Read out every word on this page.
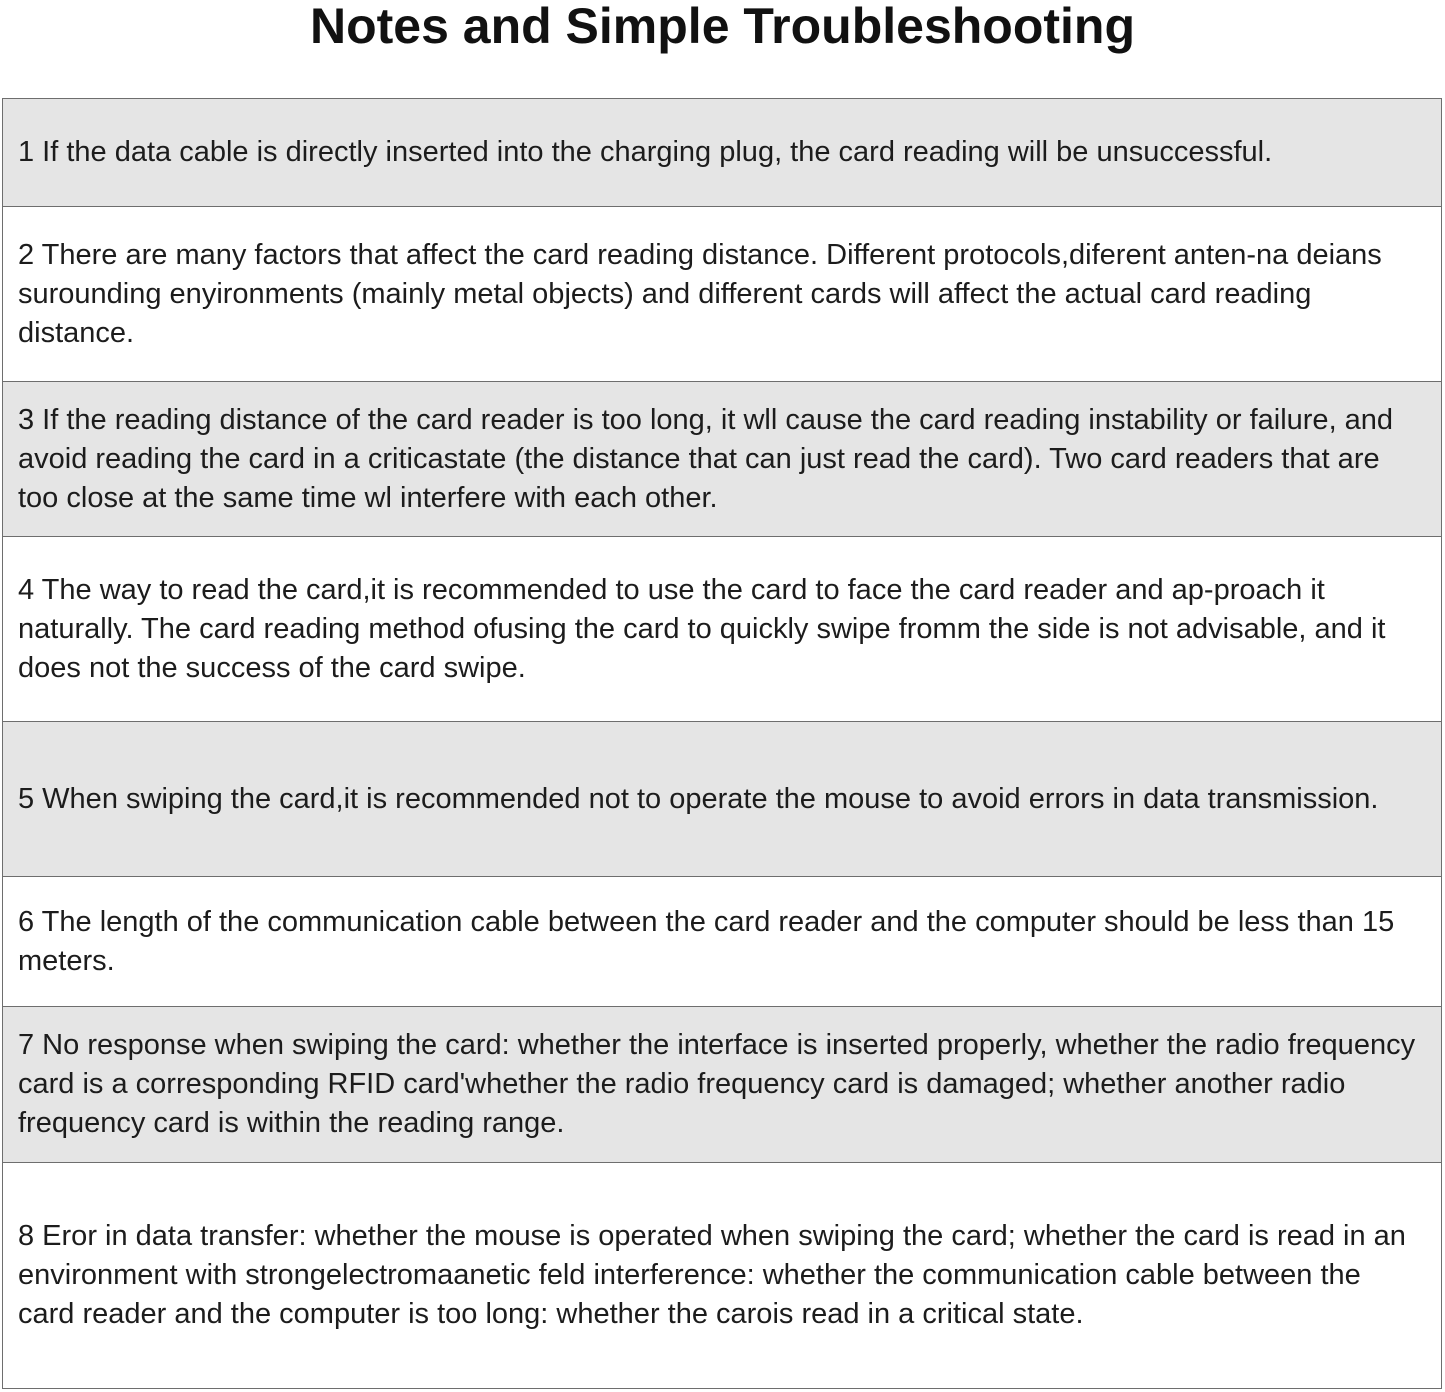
Notes and Simple Troubleshooting

1 If the data cable is directly inserted into the charging plug, the card reading will be unsuccessful.

2 There are many factors that affect the card reading distance. Different protocols,diferent anten-na deians surounding enyironments (mainly metal objects) and different cards will affect the actual card reading distance.

3 If the reading distance of the card reader is too long, it wll cause the card reading instability or failure, and avoid reading the card in a criticastate (the distance that can just read the card). Two card readers that are too close at the same time wl interfere with each other.

4 The way to read the card,it is recommended to use the card to face the card reader and ap-proach it naturally. The card reading method ofusing the card to quickly swipe fromm the side is not advisable, and it does not the success of the card swipe.

5 When swiping the card,it is recommended not to operate the mouse to avoid errors in data transmission.

6 The length of the communication cable between the card reader and the computer should be less than 15 meters.

7 No response when swiping the card: whether the interface is inserted properly, whether the radio frequency card is a corresponding RFID card'whether the radio frequency card is damaged; whether another radio frequency card is within the reading range.

8 Eror in data transfer: whether the mouse is operated when swiping the card; whether the card is read in an environment with strongelectromaanetic feld interference: whether the communication cable between the card reader and the computer is too long: whether the carois read in a critical state.
